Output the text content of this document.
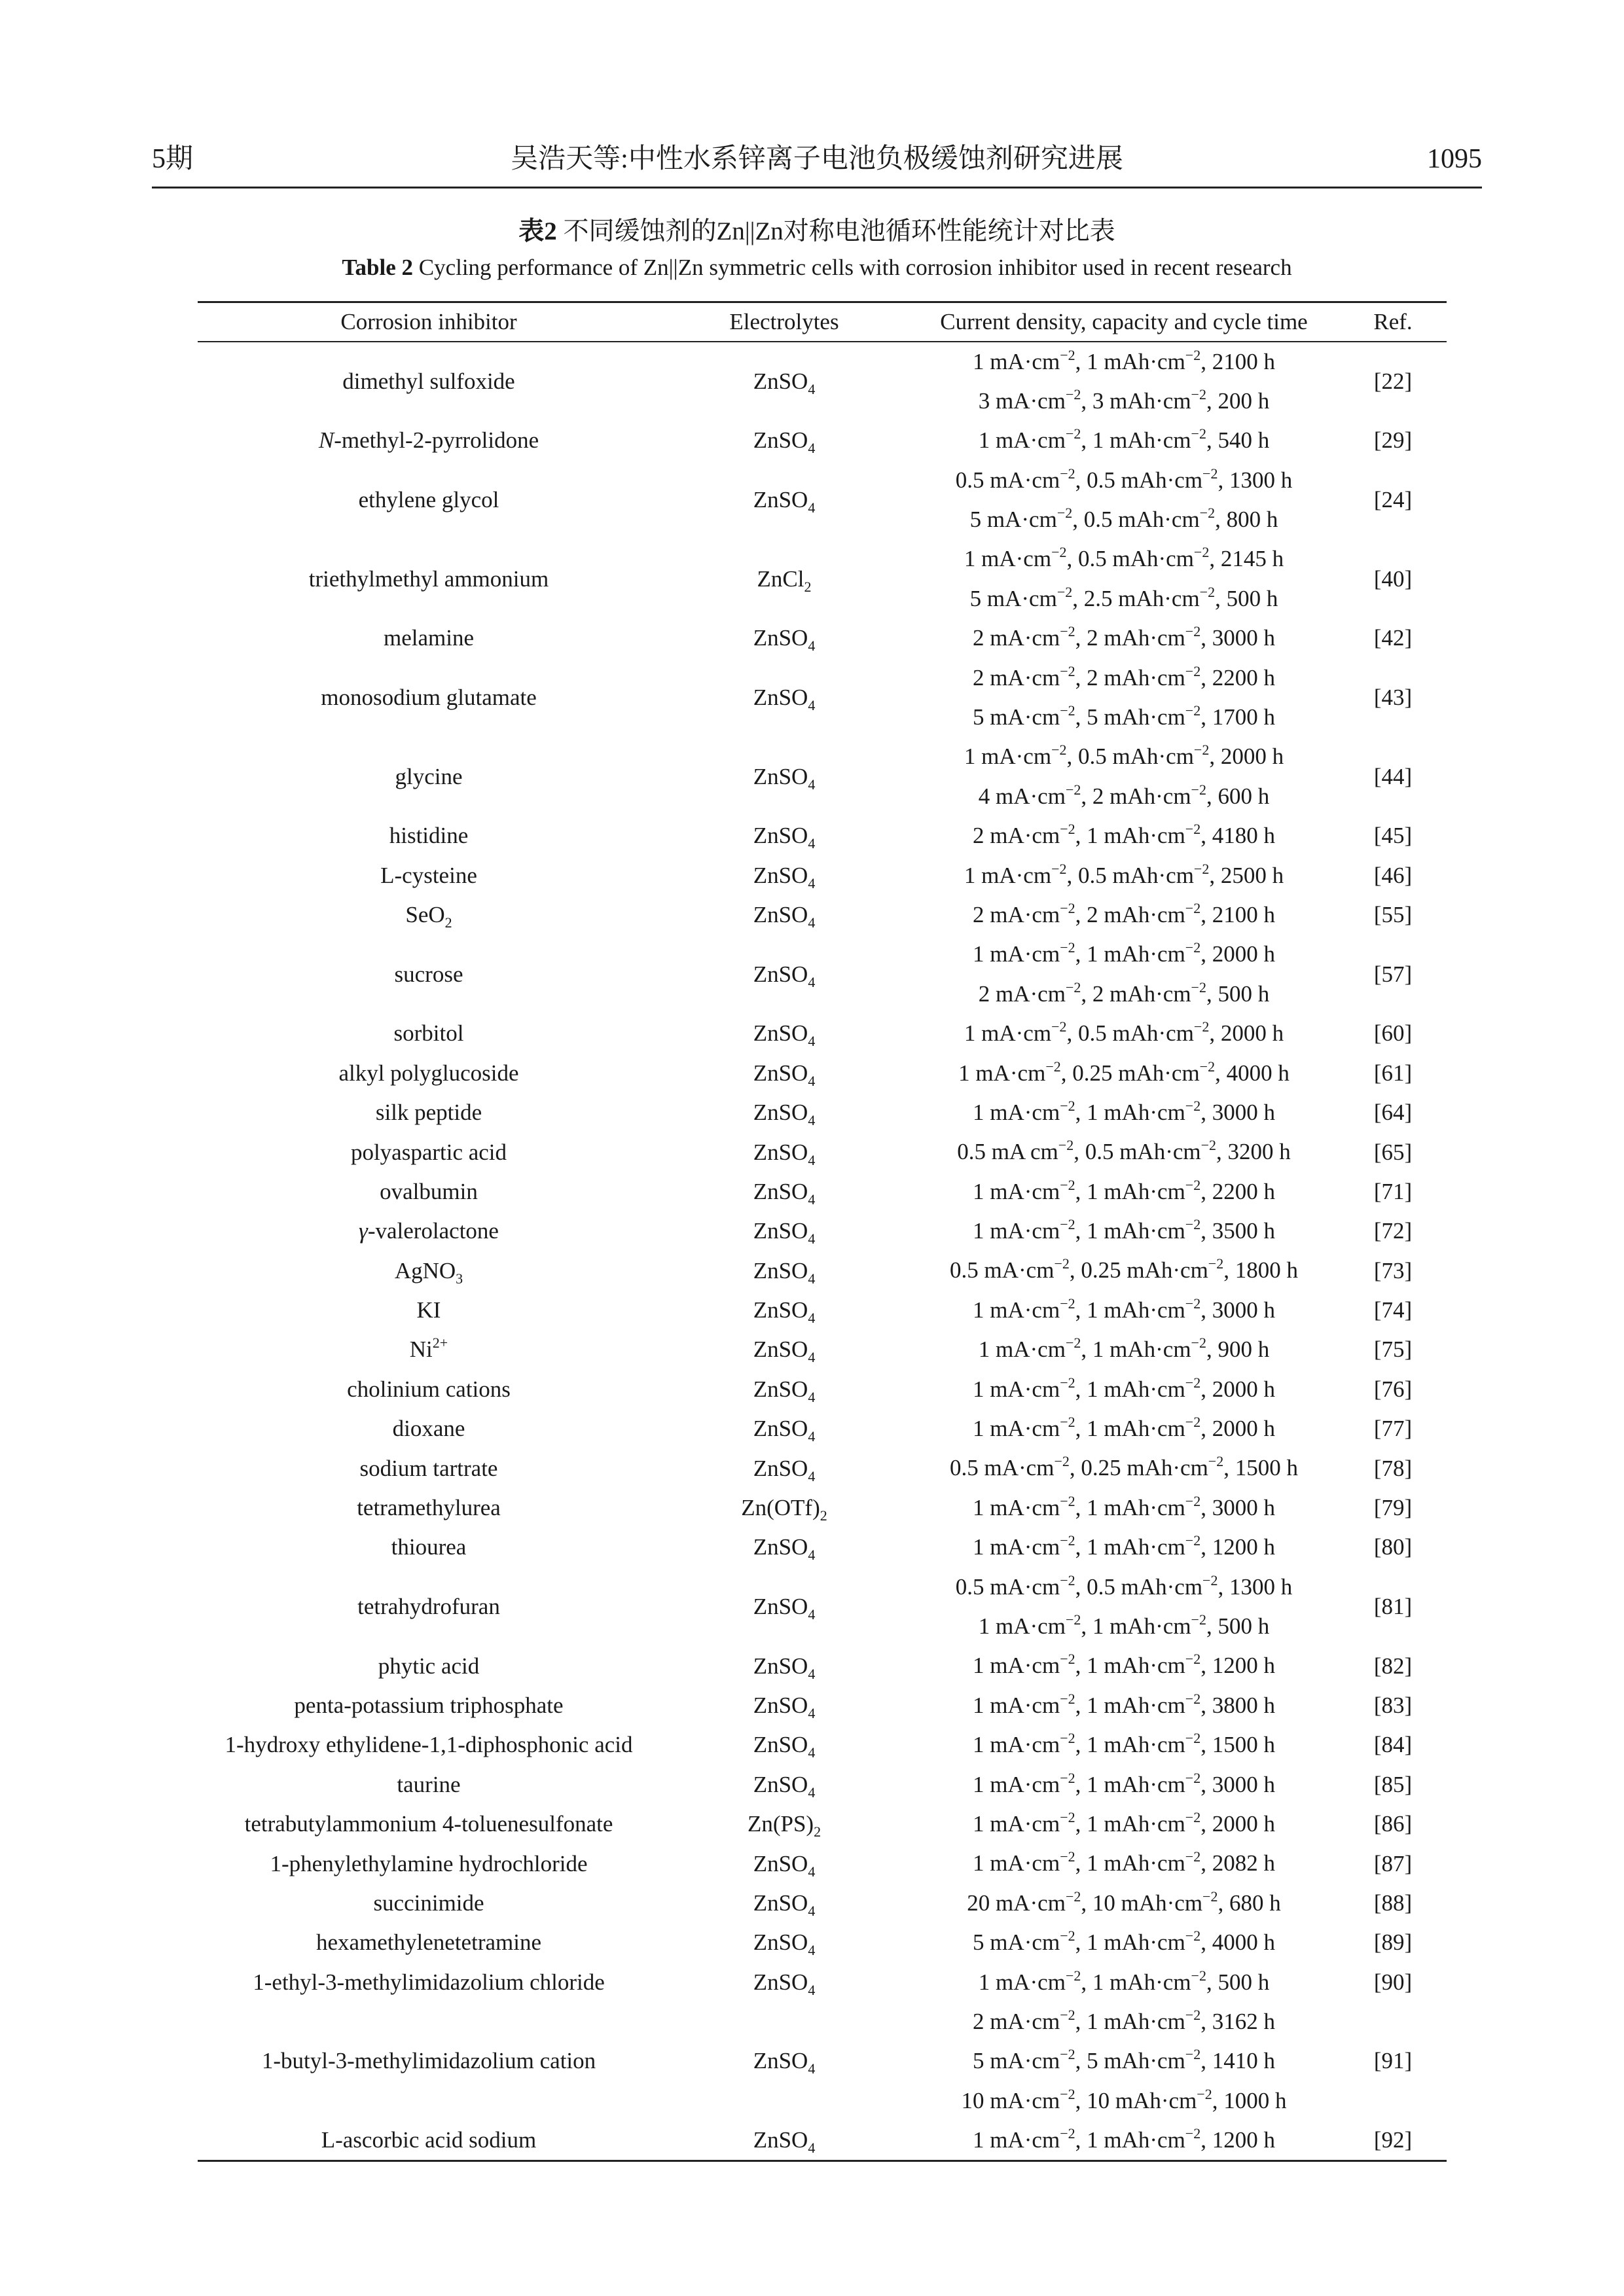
5期	吴浩天等:中性水系锌离子电池负极缓蚀剂研究进展	1095
表2 不同缓蚀剂的Zn||Zn对称电池循环性能统计对比表
Table 2 Cycling performance of Zn||Zn symmetric cells with corrosion inhibitor used in recent research
Corrosion inhibitor	Electrolytes	Current density, capacity and cycle time	Ref.
dimethyl sulfoxide	ZnSO$_4$	1 $mA\cdot cm^{-2}$, 1 $mAh\cdot cm^{-2}$, 2100 h
3 $mA\cdot cm^{-2}$, 3 $mAh\cdot cm^{-2}$, 200 h	[22]
N-methyl-2-pyrrolidone	ZnSO$_4$	1 $mA\cdot cm^{-2}$, 1 $mAh\cdot cm^{-2}$, 540 h	[29]
ethylene glycol	ZnSO$_4$	0.5 $mA\cdot cm^{-2}$, 0.5 $mAh\cdot cm^{-2}$, 1300 h
5 $mA\cdot cm^{-2}$, 0.5 $mAh\cdot cm^{-2}$, 800 h	[24]
triethylmethyl ammonium	ZnCl$_2$	1 $mA\cdot cm^{-2}$, 0.5 $mAh\cdot cm^{-2}$, 2145 h
5 $mA\cdot cm^{-2}$, 2.5 $mAh\cdot cm^{-2}$, 500 h	[40]
melamine	ZnSO$_4$	2 $mA\cdot cm^{-2}$, 2 $mAh\cdot cm^{-2}$, 3000 h	[42]
monosodium glutamate	ZnSO$_4$	2 $mA\cdot cm^{-2}$, 2 $mAh\cdot cm^{-2}$, 2200 h
5 $mA\cdot cm^{-2}$, 5 $mAh\cdot cm^{-2}$, 1700 h	[43]
glycine	ZnSO$_4$	1 $mA\cdot cm^{-2}$, 0.5 $mAh\cdot cm^{-2}$, 2000 h
4 $mA\cdot cm^{-2}$, 2 $mAh\cdot cm^{-2}$, 600 h	[44]
histidine	ZnSO$_4$	2 $mA\cdot cm^{-2}$, 1 $mAh\cdot cm^{-2}$, 4180 h	[45]
L-cysteine	ZnSO$_4$	1 $mA\cdot cm^{-2}$, 0.5 $mAh\cdot cm^{-2}$, 2500 h	[46]
SeO$_2$	ZnSO$_4$	2 $mA\cdot cm^{-2}$, 2 $mAh\cdot cm^{-2}$, 2100 h	[55]
sucrose	ZnSO$_4$	1 $mA\cdot cm^{-2}$, 1 $mAh\cdot cm^{-2}$, 2000 h
2 $mA\cdot cm^{-2}$, 2 $mAh\cdot cm^{-2}$, 500 h	[57]
sorbitol	ZnSO$_4$	1 $mA\cdot cm^{-2}$, 0.5 $mAh\cdot cm^{-2}$, 2000 h	[60]
alkyl polyglucoside	ZnSO$_4$	1 $mA\cdot cm^{-2}$, 0.25 $mAh\cdot cm^{-2}$, 4000 h	[61]
silk peptide	ZnSO$_4$	1 $mA\cdot cm^{-2}$, 1 $mAh\cdot cm^{-2}$, 3000 h	[64]
polyaspartic acid	ZnSO$_4$	0.5 mA $cm^{-2}$, 0.5 $mAh\cdot cm^{-2}$, 3200 h	[65]
ovalbumin	ZnSO$_4$	1 $mA\cdot cm^{-2}$, 1 $mAh\cdot cm^{-2}$, 2200 h	[71]
γ-valerolactone	ZnSO$_4$	1 $mA\cdot cm^{-2}$, 1 $mAh\cdot cm^{-2}$, 3500 h	[72]
AgNO$_3$	ZnSO$_4$	0.5 $mA\cdot cm^{-2}$, 0.25 $mAh\cdot cm^{-2}$, 1800 h	[73]
KI	ZnSO$_4$	1 $mA\cdot cm^{-2}$, 1 $mAh\cdot cm^{-2}$, 3000 h	[74]
$Ni^{2+}$	ZnSO$_4$	1 $mA\cdot cm^{-2}$, 1 $mAh\cdot cm^{-2}$, 900 h	[75]
cholinium cations	ZnSO$_4$	1 $mA\cdot cm^{-2}$, 1 $mAh\cdot cm^{-2}$, 2000 h	[76]
dioxane	ZnSO$_4$	1 $mA\cdot cm^{-2}$, 1 $mAh\cdot cm^{-2}$, 2000 h	[77]
sodium tartrate	ZnSO$_4$	0.5 $mA\cdot cm^{-2}$, 0.25 $mAh\cdot cm^{-2}$, 1500 h	[78]
tetramethylurea	$Zn(OTf)_2$	1 $mA\cdot cm^{-2}$, 1 $mAh\cdot cm^{-2}$, 3000 h	[79]
thiourea	ZnSO$_4$	1 $mA\cdot cm^{-2}$, 1 $mAh\cdot cm^{-2}$, 1200 h	[80]
tetrahydrofuran	ZnSO$_4$	0.5 $mA\cdot cm^{-2}$, 0.5 $mAh\cdot cm^{-2}$, 1300 h
1 $mA\cdot cm^{-2}$, 1 $mAh\cdot cm^{-2}$, 500 h	[81]
phytic acid	ZnSO$_4$	1 $mA\cdot cm^{-2}$, 1 $mAh\cdot cm^{-2}$, 1200 h	[82]
penta-potassium triphosphate	ZnSO$_4$	1 $mA\cdot cm^{-2}$, 1 $mAh\cdot cm^{-2}$, 3800 h	[83]
1-hydroxy ethylidene-1,1-diphosphonic acid	ZnSO$_4$	1 $mA\cdot cm^{-2}$, 1 $mAh\cdot cm^{-2}$, 1500 h	[84]
taurine	ZnSO$_4$	1 $mA\cdot cm^{-2}$, 1 $mAh\cdot cm^{-2}$, 3000 h	[85]
tetrabutylammonium 4-toluenesulfonate	$Zn(PS)_2$	1 $mA\cdot cm^{-2}$, 1 $mAh\cdot cm^{-2}$, 2000 h	[86]
1-phenylethylamine hydrochloride	ZnSO$_4$	1 $mA\cdot cm^{-2}$, 1 $mAh\cdot cm^{-2}$, 2082 h	[87]
succinimide	ZnSO$_4$	20 $mA\cdot cm^{-2}$, 10 $mAh\cdot cm^{-2}$, 680 h	[88]
hexamethylenetetramine	ZnSO$_4$	5 $mA\cdot cm^{-2}$, 1 $mAh\cdot cm^{-2}$, 4000 h	[89]
1-ethyl-3-methylimidazolium chloride	ZnSO$_4$	1 $mA\cdot cm^{-2}$, 1 $mAh\cdot cm^{-2}$, 500 h	[90]
1-butyl-3-methylimidazolium cation	ZnSO$_4$	2 $mA\cdot cm^{-2}$, 1 $mAh\cdot cm^{-2}$, 3162 h
5 $mA\cdot cm^{-2}$, 5 $mAh\cdot cm^{-2}$, 1410 h
10 $mA\cdot cm^{-2}$, 10 $mAh\cdot cm^{-2}$, 1000 h	[91]
L-ascorbic acid sodium	ZnSO$_4$	1 $mA\cdot cm^{-2}$, 1 $mAh\cdot cm^{-2}$, 1200 h	[92]
